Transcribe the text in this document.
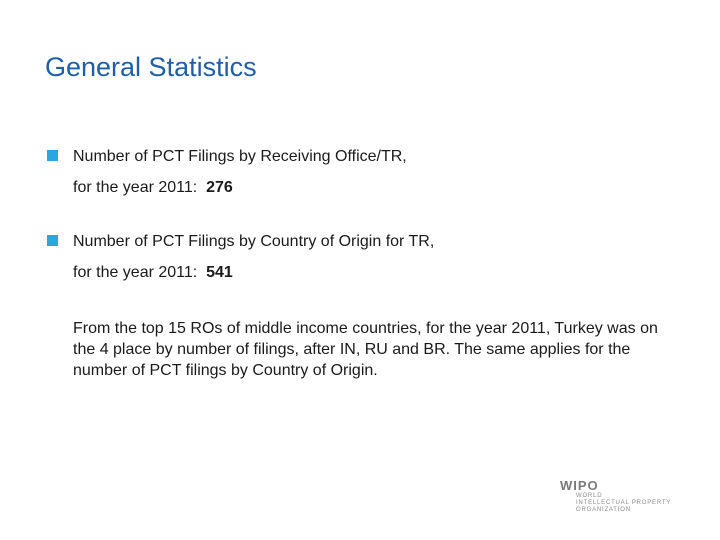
General Statistics
Number of PCT Filings by Receiving Office/TR,
for the year 2011: 276
Number of PCT Filings by Country of Origin for TR,
for the year 2011: 541

From the top 15 ROs of middle income countries, for the year 2011, Turkey was on the 4 place by number of filings, after IN, RU and BR. The same applies for the number of PCT filings by Country of Origin.

WIPO
WORLD
INTELLECTUAL PROPERTY
ORGANIZATION
